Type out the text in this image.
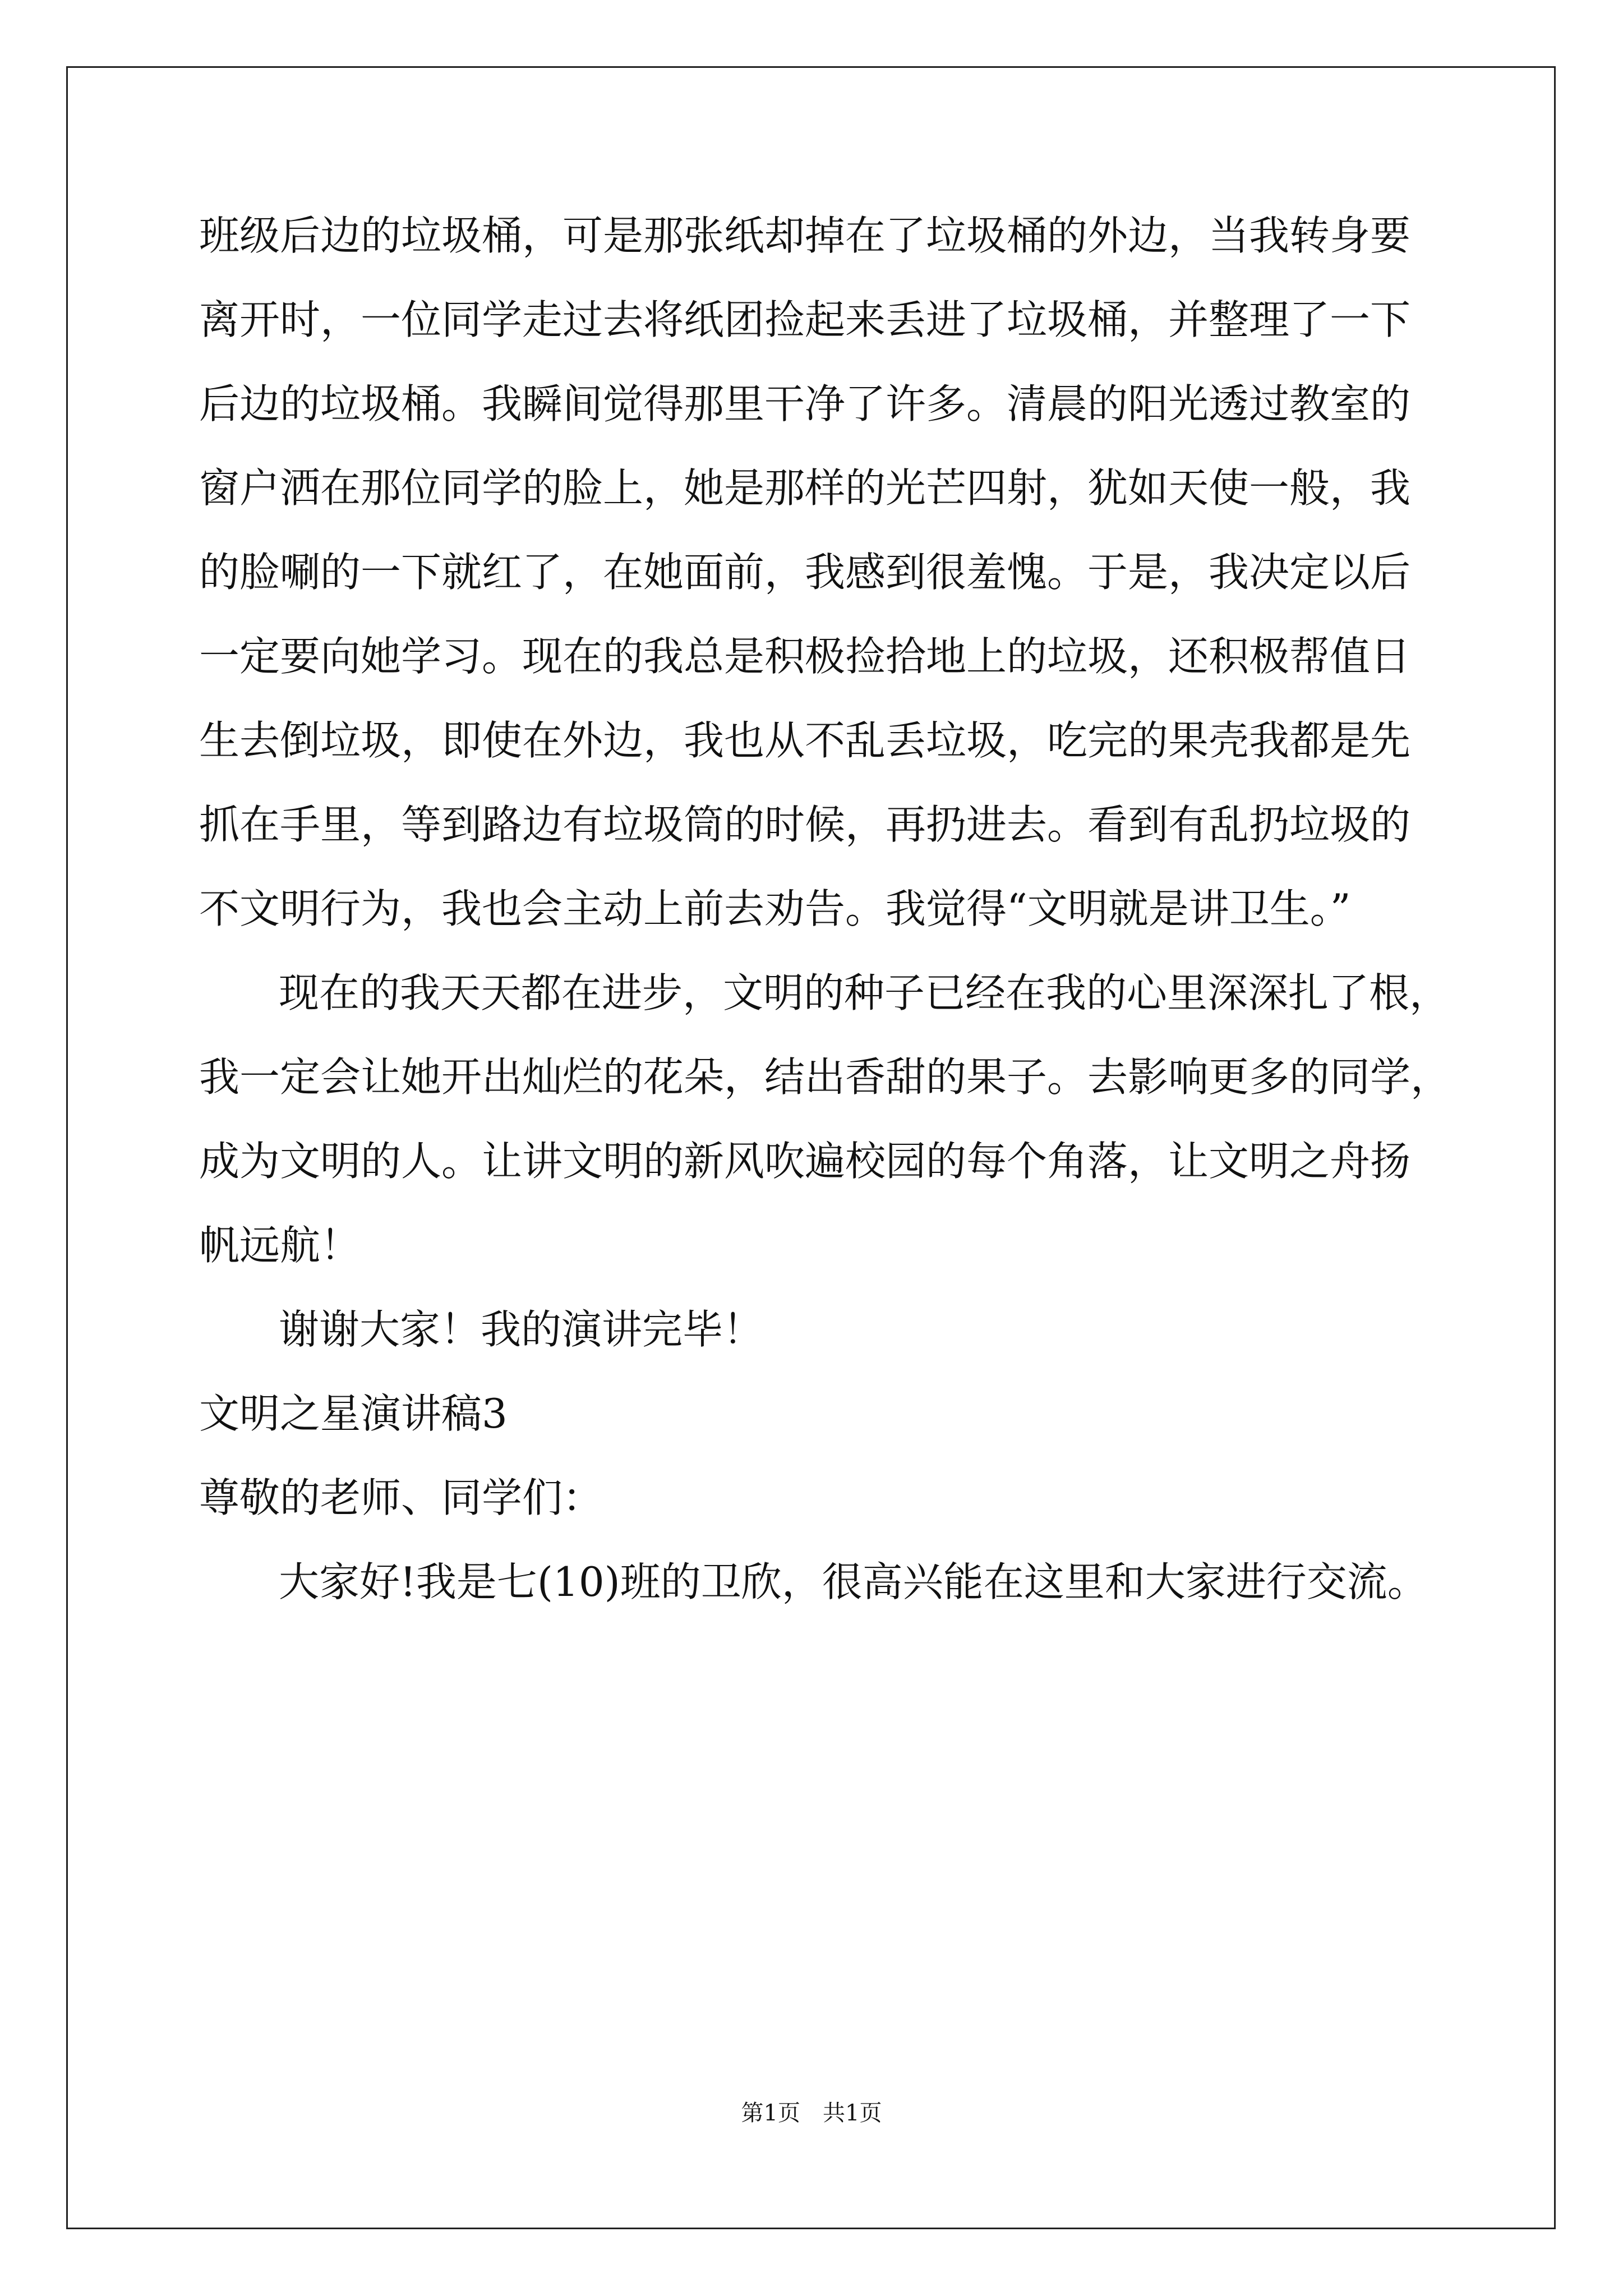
班级后边的垃圾桶，可是那张纸却掉在了垃圾桶的外边，当我转身要
离开时，一位同学走过去将纸团捡起来丢进了垃圾桶，并整理了一下
后边的垃圾桶。我瞬间觉得那里干净了许多。清晨的阳光透过教室的
窗户洒在那位同学的脸上，她是那样的光芒四射，犹如天使一般，我
的脸唰的一下就红了，在她面前，我感到很羞愧。于是，我决定以后
一定要向她学习。现在的我总是积极捡拾地上的垃圾，还积极帮值日
生去倒垃圾，即使在外边，我也从不乱丢垃圾，吃完的果壳我都是先
抓在手里，等到路边有垃圾筒的时候，再扔进去。看到有乱扔垃圾的
不文明行为，我也会主动上前去劝告。我觉得“文明就是讲卫生。”
现在的我天天都在进步，文明的种子已经在我的心里深深扎了根，
我一定会让她开出灿烂的花朵，结出香甜的果子。去影响更多的同学，
成为文明的人。让讲文明的新风吹遍校园的每个角落，让文明之舟扬
帆远航！
谢谢大家！我的演讲完毕！
文明之星演讲稿3
尊敬的老师、同学们：
大家好!我是七(10)班的卫欣，很高兴能在这里和大家进行交流。
第1页　共1页
